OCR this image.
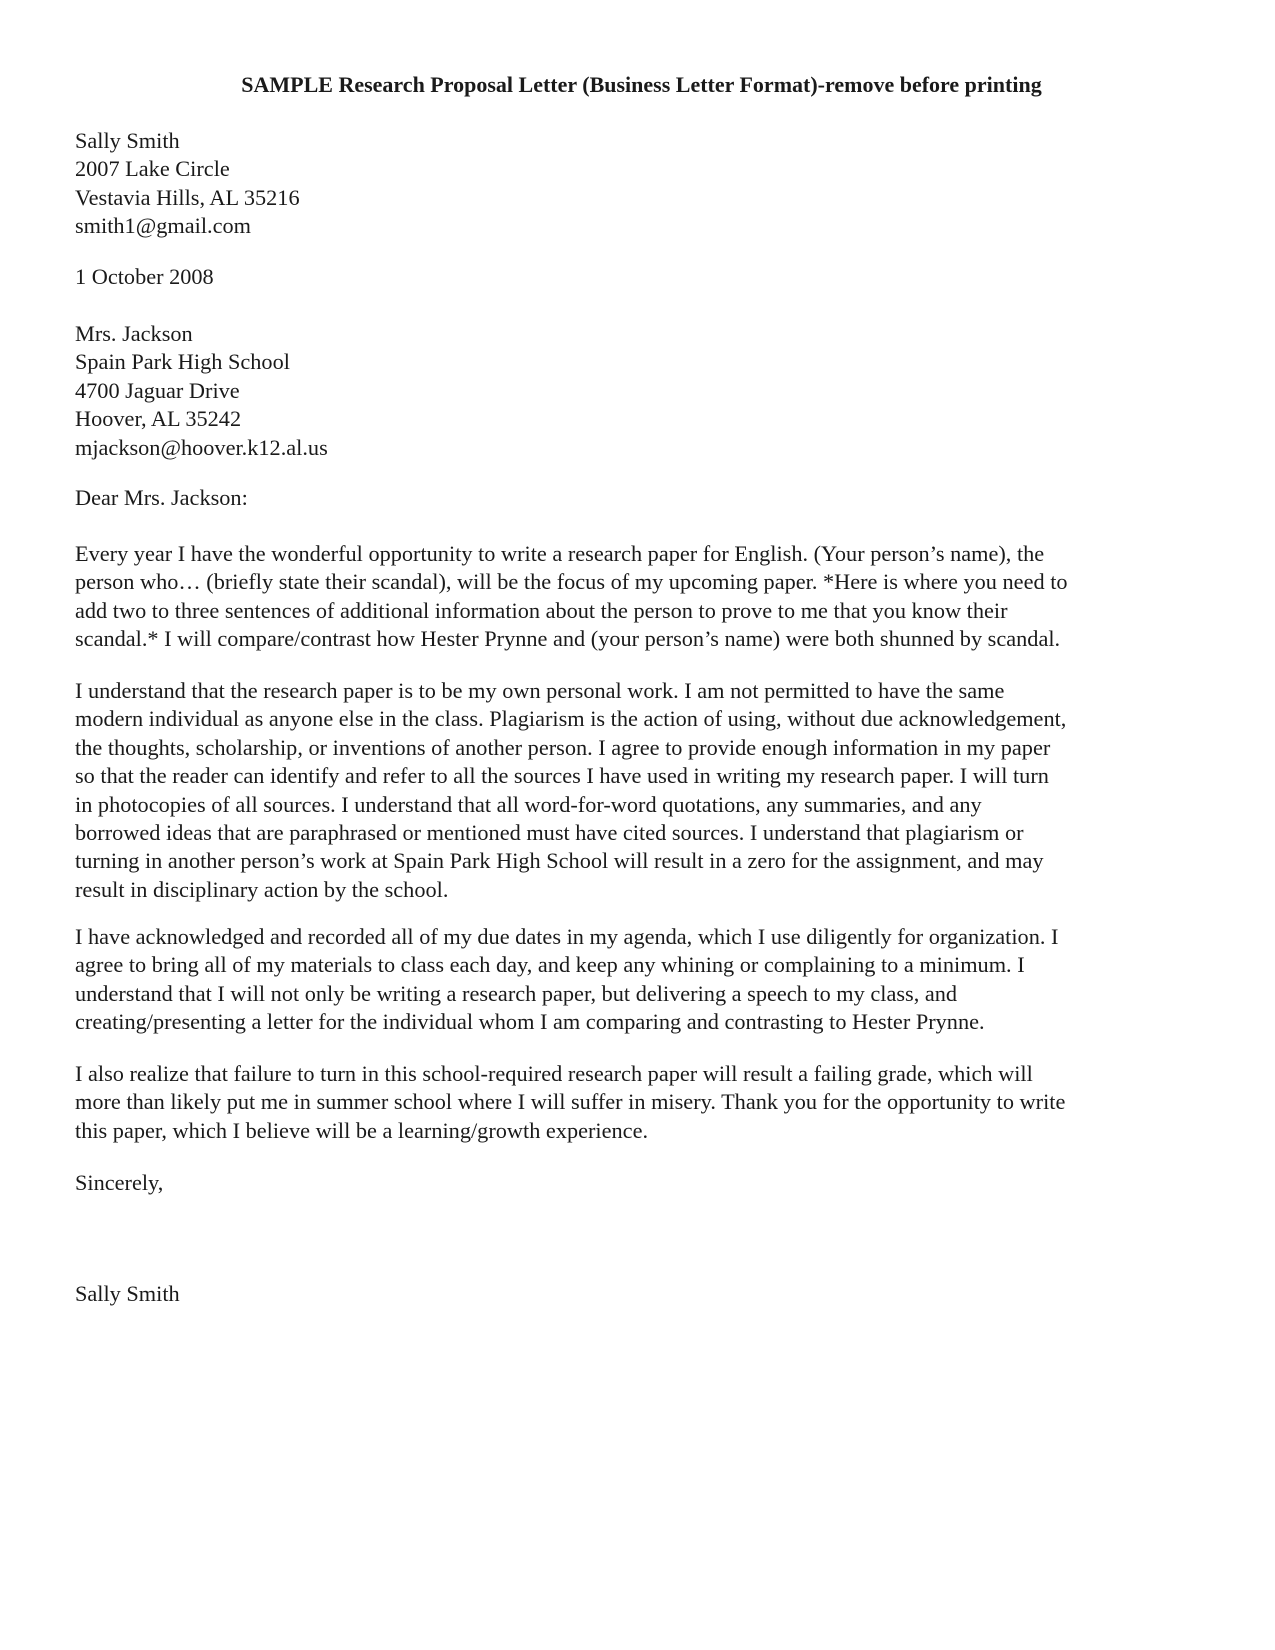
SAMPLE Research Proposal Letter (Business Letter Format)-remove before printing
Sally Smith
2007 Lake Circle
Vestavia Hills, AL 35216
smith1@gmail.com
1 October 2008
Mrs. Jackson
Spain Park High School
4700 Jaguar Drive
Hoover, AL 35242
mjackson@hoover.k12.al.us
Dear Mrs. Jackson:
Every year I have the wonderful opportunity to write a research paper for English. (Your person’s name), the
person who… (briefly state their scandal), will be the focus of my upcoming paper. *Here is where you need to
add two to three sentences of additional information about the person to prove to me that you know their
scandal.* I will compare/contrast how Hester Prynne and (your person’s name) were both shunned by scandal.
I understand that the research paper is to be my own personal work. I am not permitted to have the same
modern individual as anyone else in the class. Plagiarism is the action of using, without due acknowledgement,
the thoughts, scholarship, or inventions of another person. I agree to provide enough information in my paper
so that the reader can identify and refer to all the sources I have used in writing my research paper. I will turn
in photocopies of all sources. I understand that all word-for-word quotations, any summaries, and any
borrowed ideas that are paraphrased or mentioned must have cited sources. I understand that plagiarism or
turning in another person’s work at Spain Park High School will result in a zero for the assignment, and may
result in disciplinary action by the school.
I have acknowledged and recorded all of my due dates in my agenda, which I use diligently for organization. I
agree to bring all of my materials to class each day, and keep any whining or complaining to a minimum. I
understand that I will not only be writing a research paper, but delivering a speech to my class, and
creating/presenting a letter for the individual whom I am comparing and contrasting to Hester Prynne.
I also realize that failure to turn in this school-required research paper will result a failing grade, which will
more than likely put me in summer school where I will suffer in misery. Thank you for the opportunity to write
this paper, which I believe will be a learning/growth experience.
Sincerely,
Sally Smith
